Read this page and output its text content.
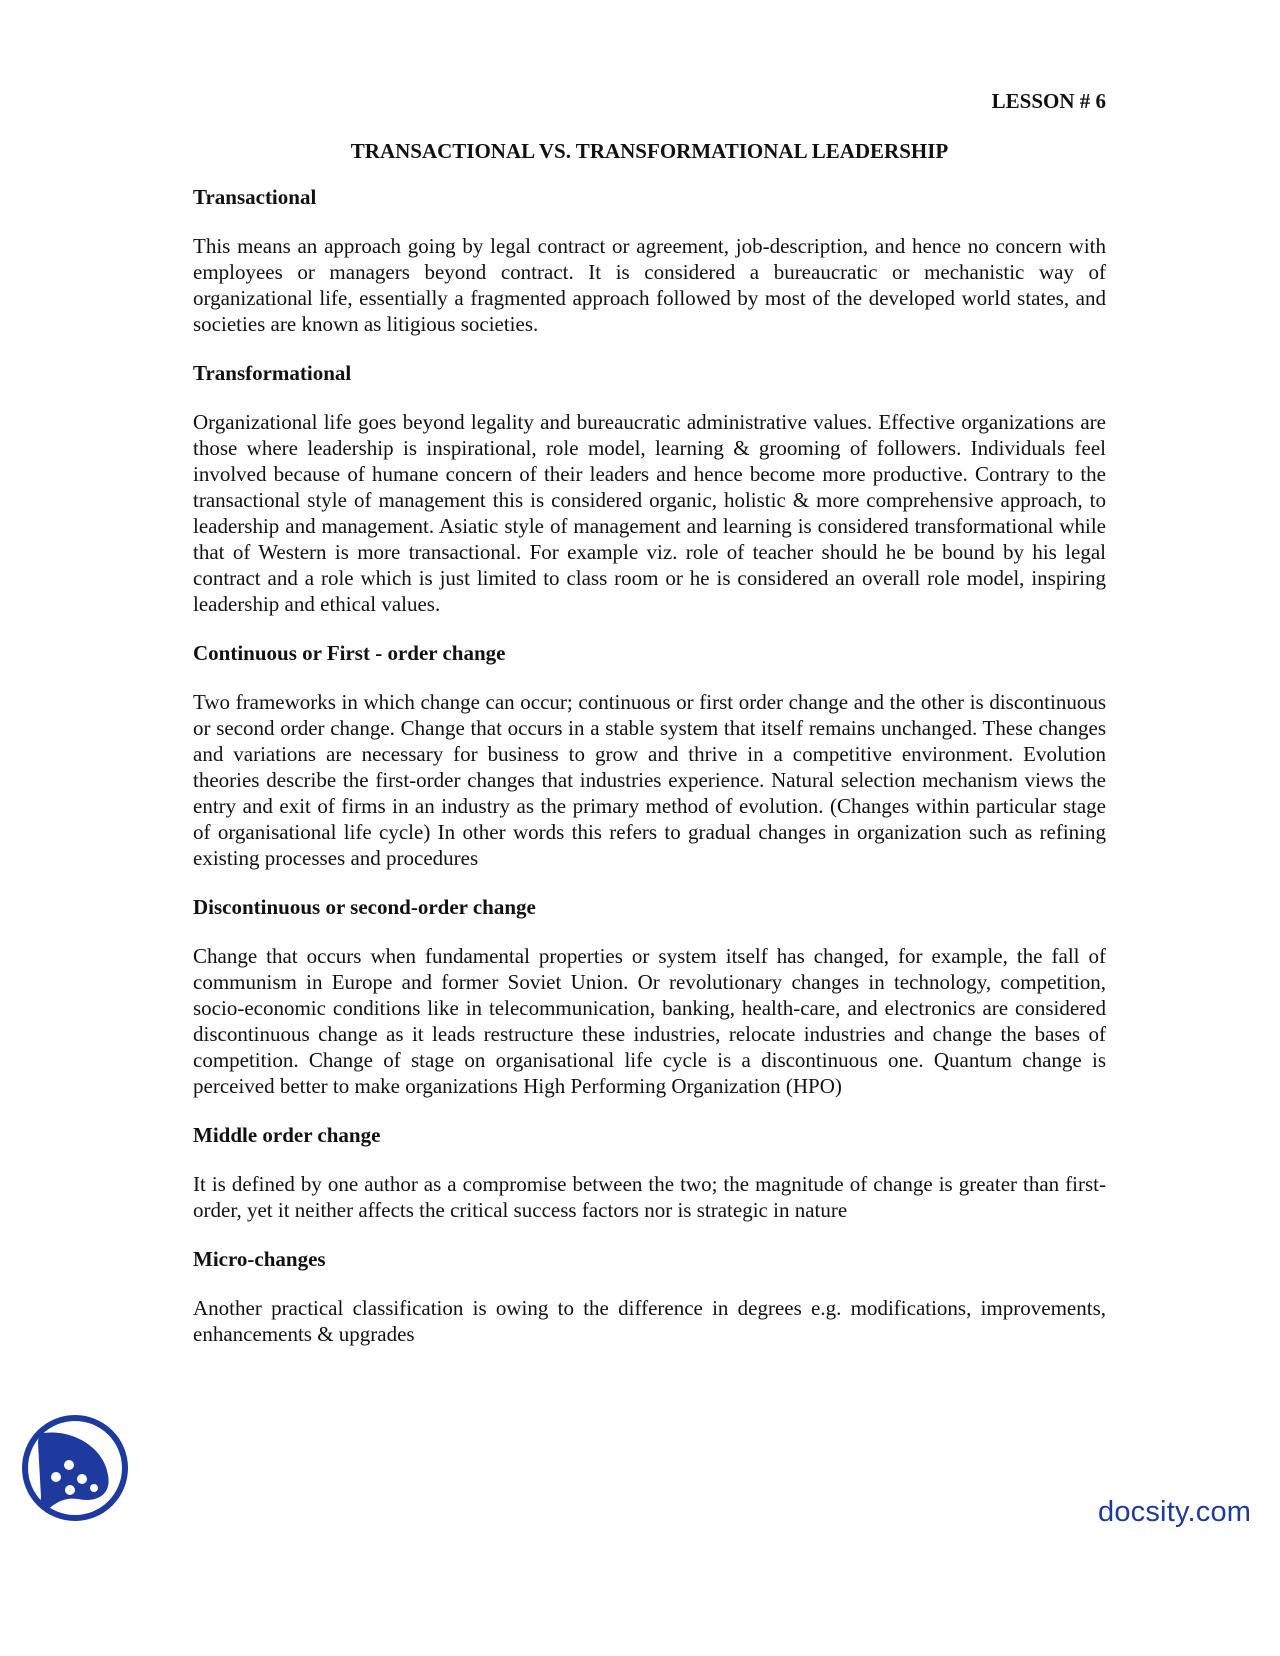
LESSON # 6
TRANSACTIONAL VS. TRANSFORMATIONAL LEADERSHIP
Transactional
This means an approach going by legal contract or agreement, job-description, and hence no concern with employees or managers beyond contract. It is considered a bureaucratic or mechanistic way of organizational life, essentially a fragmented approach followed by most of the developed world states, and societies are known as litigious societies.
Transformational
Organizational life goes beyond legality and bureaucratic administrative values. Effective organizations are those where leadership is inspirational, role model, learning & grooming of followers. Individuals feel involved because of humane concern of their leaders and hence become more productive. Contrary to the transactional style of management this is considered organic, holistic & more comprehensive approach, to leadership and management. Asiatic style of management and learning is considered transformational while that of Western is more transactional. For example viz. role of teacher should he be bound by his legal contract and a role which is just limited to class room or he is considered an overall role model, inspiring leadership and ethical values.
Continuous or First - order change
Two frameworks in which change can occur; continuous or first order change and the other is discontinuous or second order change. Change that occurs in a stable system that itself remains unchanged. These changes and variations are necessary for business to grow and thrive in a competitive environment. Evolution theories describe the first-order changes that industries experience. Natural selection mechanism views the entry and exit of firms in an industry as the primary method of evolution. (Changes within particular stage of organisational life cycle) In other words this refers to gradual changes in organization such as refining existing processes and procedures
Discontinuous or second-order change
Change that occurs when fundamental properties or system itself has changed, for example, the fall of communism in Europe and former Soviet Union. Or revolutionary changes in technology, competition, socio-economic conditions like in telecommunication, banking, health-care, and electronics are considered discontinuous change as it leads restructure these industries, relocate industries and change the bases of competition. Change of stage on organisational life cycle is a discontinuous one. Quantum change is perceived better to make organizations High Performing Organization (HPO)
Middle order change
It is defined by one author as a compromise between the two; the magnitude of change is greater than first-order, yet it neither affects the critical success factors nor is strategic in nature
Micro-changes
Another practical classification is owing to the difference in degrees e.g. modifications, improvements, enhancements & upgrades
docsity.com
